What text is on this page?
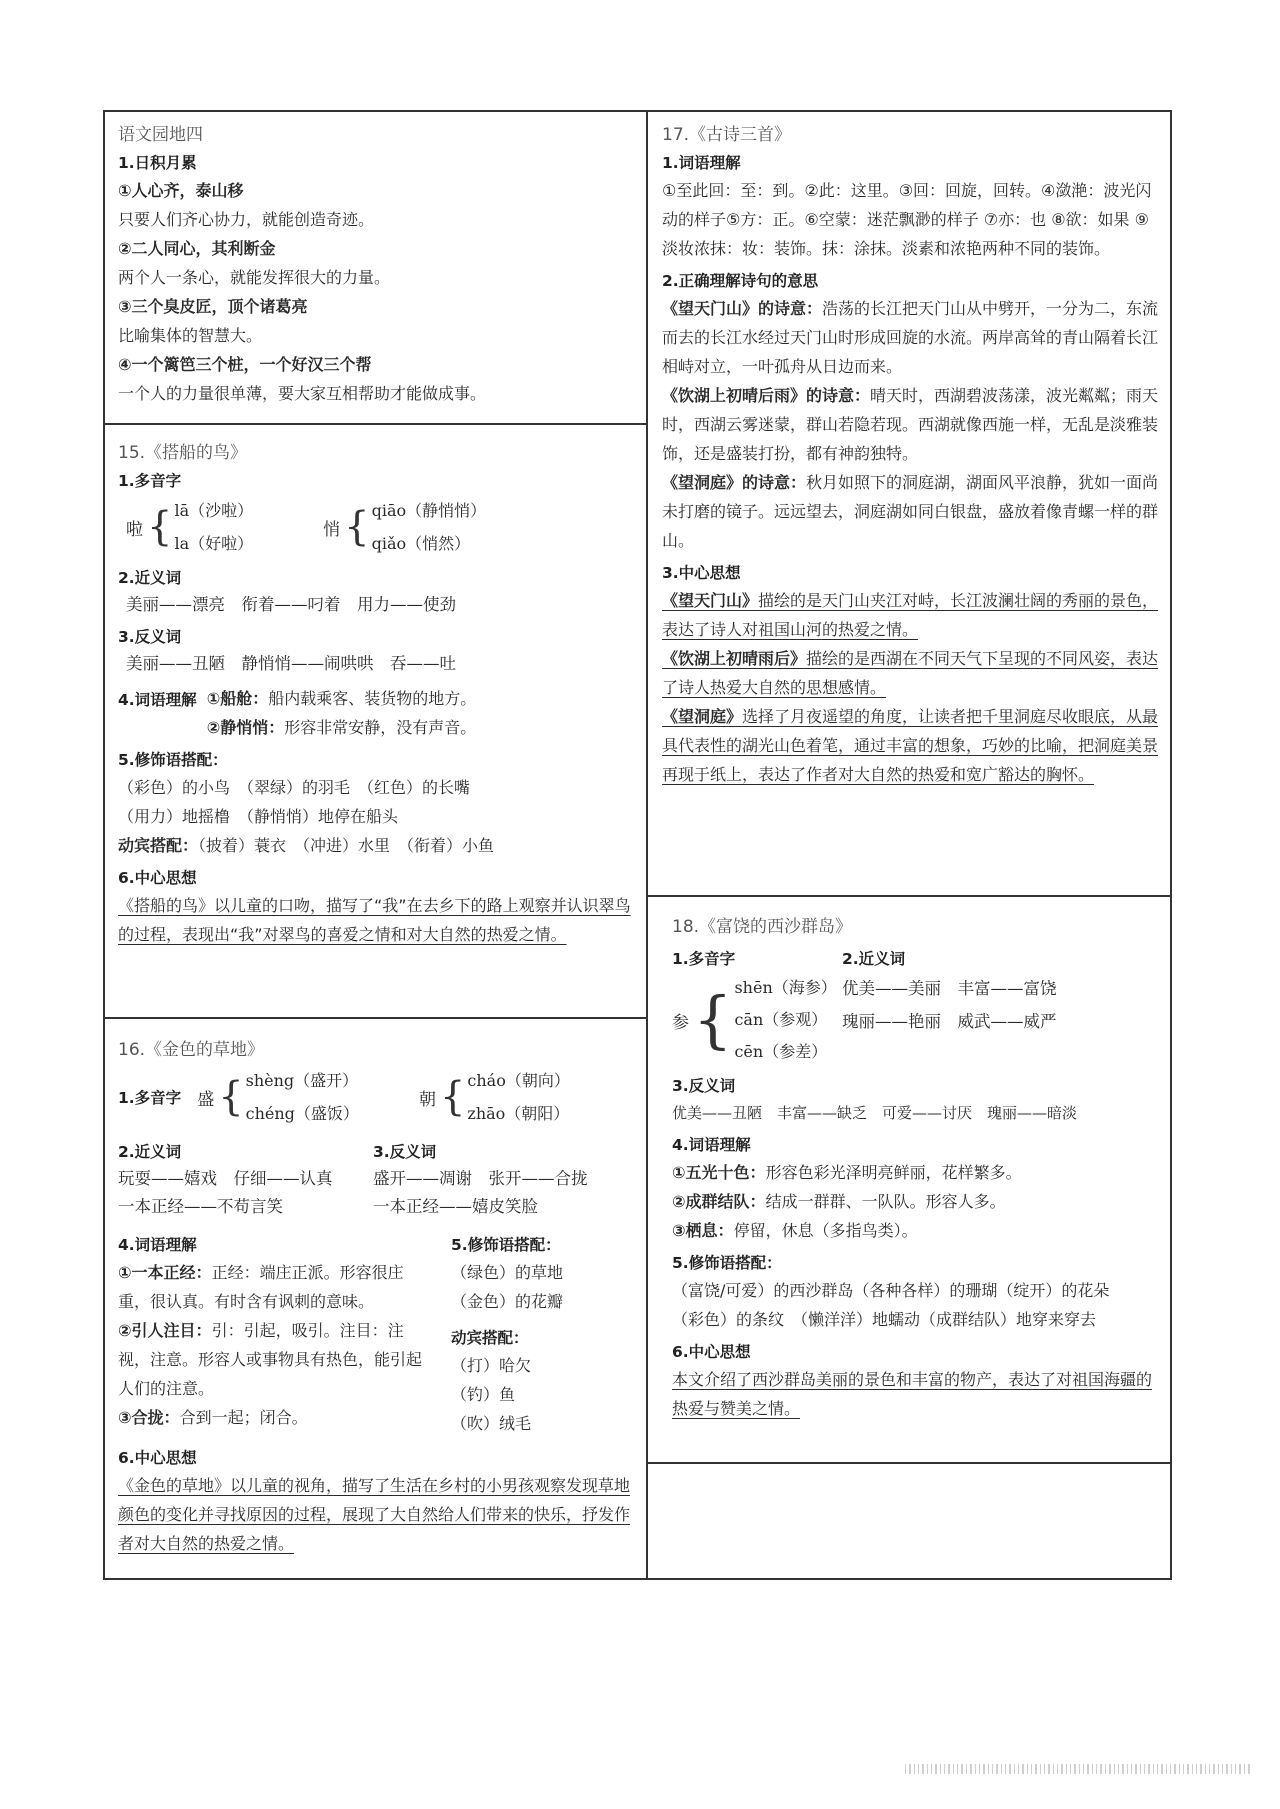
语文园地四
1.日积月累
①人心齐，泰山移
只要人们齐心协力，就能创造奇迹。
②二人同心，其利断金
两个人一条心，就能发挥很大的力量。
③三个臭皮匠，顶个诸葛亮
比喻集体的智慧大。
④一个篱笆三个桩，一个好汉三个帮
一个人的力量很单薄，要大家互相帮助才能做成事。
15.《搭船的鸟》
1.多音字
啦 { lā（沙啦）
la（好啦）
悄 { qiāo（静悄悄）
qiǎo（悄然）
2.近义词
美丽——漂亮　衔着——叼着　用力——使劲
3.反义词
美丽——丑陋　静悄悄——闹哄哄　吞——吐
4.词语理解 ①船舱：船内载乘客、装货物的地方。
②静悄悄：形容非常安静，没有声音。
5.修饰语搭配：
（彩色）的小鸟　（翠绿）的羽毛　（红色）的长嘴
（用力）地摇橹　（静悄悄）地停在船头
动宾搭配：（披着）蓑衣　（冲进）水里　（衔着）小鱼
6.中心思想
《搭船的鸟》以儿童的口吻，描写了“我”在去乡下的路上观察并认识翠鸟的过程，表现出“我”对翠鸟的喜爱之情和对大自然的热爱之情。
16.《金色的草地》
1.多音字 盛 { shèng（盛开）
chéng（盛饭）
朝 { cháo（朝向）
zhāo（朝阳）
2.近义词
玩耍——嬉戏　仔细——认真
一本正经——不苟言笑
3.反义词
盛开——凋谢　张开——合拢
一本正经——嬉皮笑脸
4.词语理解
①一本正经：正经：端庄正派。形容很庄重，很认真。有时含有讽刺的意味。
②引人注目：引：引起，吸引。注目：注视，注意。形容人或事物具有热色，能引起人们的注意。
③合拢：合到一起；闭合。
5.修饰语搭配：
（绿色）的草地
（金色）的花瓣
动宾搭配：
（打）哈欠
（钓）鱼
（吹）绒毛
6.中心思想
《金色的草地》以儿童的视角，描写了生活在乡村的小男孩观察发现草地颜色的变化并寻找原因的过程，展现了大自然给人们带来的快乐，抒发作者对大自然的热爱之情。
17.《古诗三首》
1.词语理解
①至此回：至：到。②此：这里。③回：回旋，回转。④潋滟：波光闪动的样子⑤方：正。⑥空蒙：迷茫飘渺的样子 ⑦亦：也 ⑧欲：如果 ⑨淡妆浓抹：妆：装饰。抹：涂抹。淡素和浓艳两种不同的装饰。
2.正确理解诗句的意思
《望天门山》的诗意：浩荡的长江把天门山从中劈开，一分为二，东流而去的长江水经过天门山时形成回旋的水流。两岸高耸的青山隔着长江相峙对立，一叶孤舟从日边而来。
《饮湖上初晴后雨》的诗意：晴天时，西湖碧波荡漾，波光粼粼；雨天时，西湖云雾迷蒙，群山若隐若现。西湖就像西施一样，无乱是淡雅装饰，还是盛装打扮，都有神韵独特。
《望洞庭》的诗意：秋月如照下的洞庭湖，湖面风平浪静，犹如一面尚未打磨的镜子。远远望去，洞庭湖如同白银盘，盛放着像青螺一样的群山。
3.中心思想
《望天门山》描绘的是天门山夹江对峙，长江波澜壮阔的秀丽的景色，表达了诗人对祖国山河的热爱之情。
《饮湖上初晴雨后》描绘的是西湖在不同天气下呈现的不同风姿，表达了诗人热爱大自然的思想感情。
《望洞庭》选择了月夜遥望的角度，让读者把千里洞庭尽收眼底，从最具代表性的湖光山色着笔，通过丰富的想象，巧妙的比喻，把洞庭美景再现于纸上，表达了作者对大自然的热爱和宽广豁达的胸怀。
18.《富饶的西沙群岛》
1.多音字
参 { shēn（海参）
cān（参观）
cēn（参差）
2.近义词
优美——美丽　丰富——富饶
瑰丽——艳丽　威武——威严
3.反义词
优美——丑陋　丰富——缺乏　可爱——讨厌　瑰丽——暗淡
4.词语理解
①五光十色：形容色彩光泽明亮鲜丽，花样繁多。
②成群结队：结成一群群、一队队。形容人多。
③栖息：停留，休息（多指鸟类）。
5.修饰语搭配：
（富饶/可爱）的西沙群岛（各种各样）的珊瑚（绽开）的花朵
（彩色）的条纹　（懒洋洋）地蠕动（成群结队）地穿来穿去
6.中心思想
本文介绍了西沙群岛美丽的景色和丰富的物产，表达了对祖国海疆的热爱与赞美之情。
